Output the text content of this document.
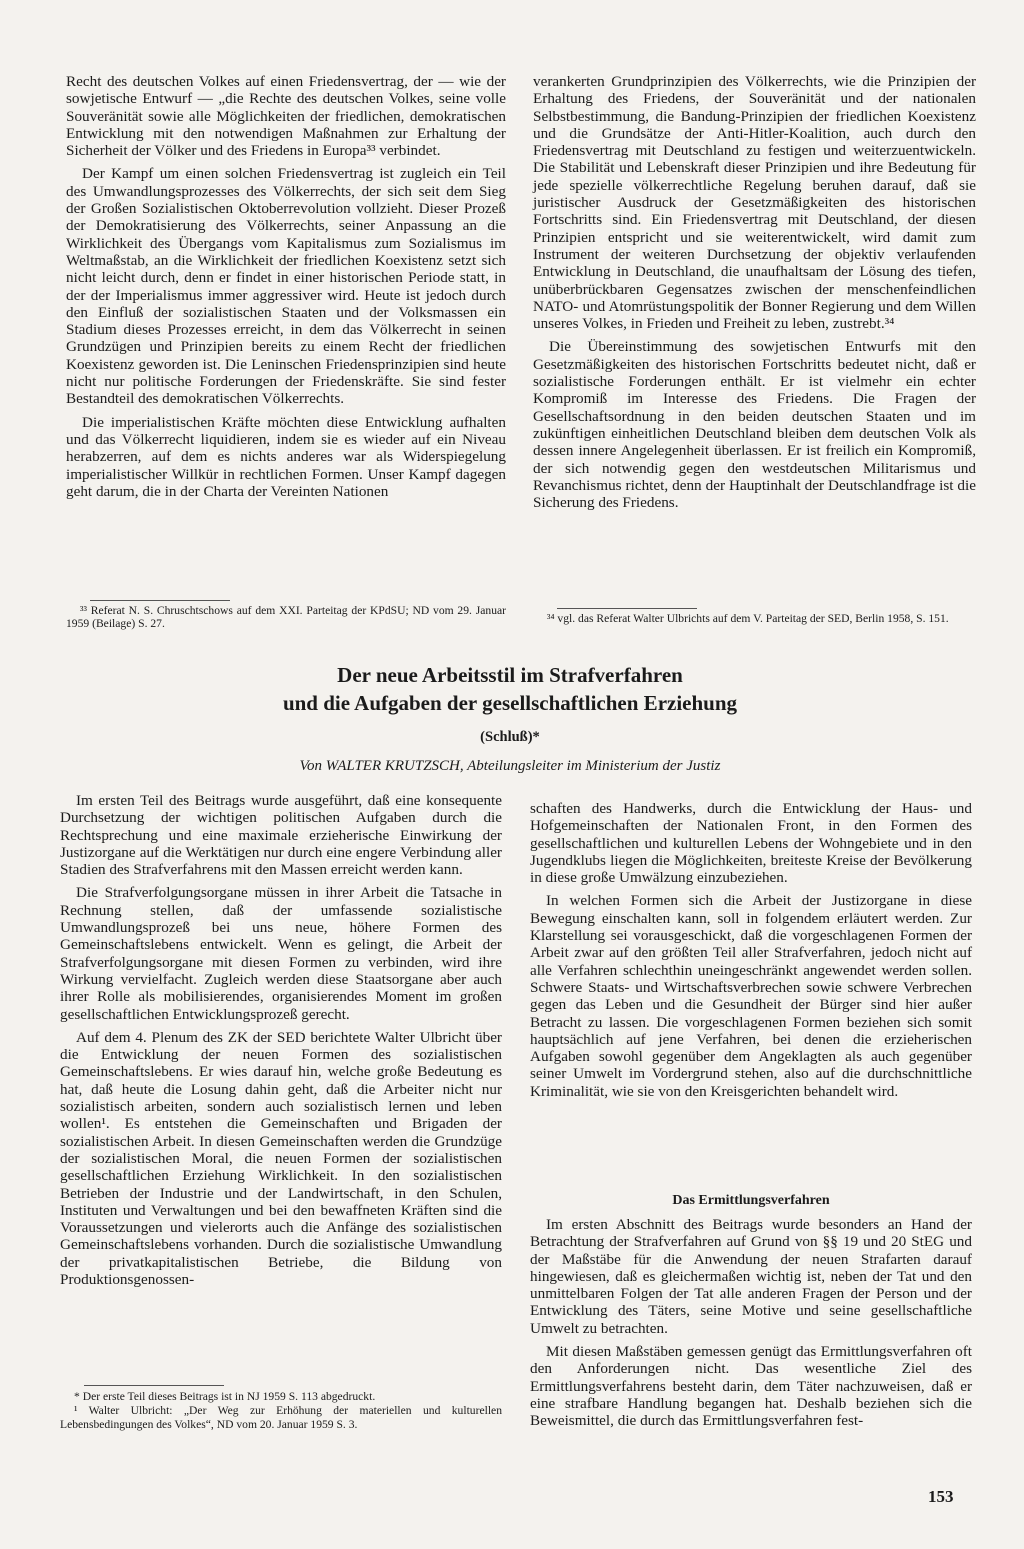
Recht des deutschen Volkes auf einen Friedensvertrag, der — wie der sowjetische Entwurf — „die Rechte des deutschen Volkes, seine volle Souveränität sowie alle Möglichkeiten der friedlichen, demokratischen Entwicklung mit den notwendigen Maßnahmen zur Erhaltung der Sicherheit der Völker und des Friedens in Europa³³ verbindet.

Der Kampf um einen solchen Friedensvertrag ist zugleich ein Teil des Umwandlungsprozesses des Völkerrechts, der sich seit dem Sieg der Großen Sozialistischen Oktoberrevolution vollzieht. Dieser Prozeß der Demokratisierung des Völkerrechts, seiner Anpassung an die Wirklichkeit des Übergangs vom Kapitalismus zum Sozialismus im Weltmaßstab, an die Wirklichkeit der friedlichen Koexistenz setzt sich nicht leicht durch, denn er findet in einer historischen Periode statt, in der der Imperialismus immer aggressiver wird. Heute ist jedoch durch den Einfluß der sozialistischen Staaten und der Volksmassen ein Stadium dieses Prozesses erreicht, in dem das Völkerrecht in seinen Grundzügen und Prinzipien bereits zu einem Recht der friedlichen Koexistenz geworden ist. Die Leninschen Friedensprinzipien sind heute nicht nur politische Forderungen der Friedenskräfte. Sie sind fester Bestandteil des demokratischen Völkerrechts.

Die imperialistischen Kräfte möchten diese Entwicklung aufhalten und das Völkerrecht liquidieren, indem sie es wieder auf ein Niveau herabzerren, auf dem es nichts anderes war als Widerspiegelung imperialistischer Willkür in rechtlichen Formen. Unser Kampf dagegen geht darum, die in der Charta der Vereinten Nationen

verankerten Grundprinzipien des Völkerrechts, wie die Prinzipien der Erhaltung des Friedens, der Souveränität und der nationalen Selbstbestimmung, die Bandung-Prinzipien der friedlichen Koexistenz und die Grundsätze der Anti-Hitler-Koalition, auch durch den Friedensvertrag mit Deutschland zu festigen und weiterzuentwickeln. Die Stabilität und Lebenskraft dieser Prinzipien und ihre Bedeutung für jede spezielle völkerrechtliche Regelung beruhen darauf, daß sie juristischer Ausdruck der Gesetzmäßigkeiten des historischen Fortschritts sind. Ein Friedensvertrag mit Deutschland, der diesen Prinzipien entspricht und sie weiterentwickelt, wird damit zum Instrument der weiteren Durchsetzung der objektiv verlaufenden Entwicklung in Deutschland, die unaufhaltsam der Lösung des tiefen, unüberbrückbaren Gegensatzes zwischen der menschenfeindlichen NATO- und Atomrüstungspolitik der Bonner Regierung und dem Willen unseres Volkes, in Frieden und Freiheit zu leben, zustrebt.³⁴

Die Übereinstimmung des sowjetischen Entwurfs mit den Gesetzmäßigkeiten des historischen Fortschritts bedeutet nicht, daß er sozialistische Forderungen enthält. Er ist vielmehr ein echter Kompromiß im Interesse des Friedens. Die Fragen der Gesellschaftsordnung in den beiden deutschen Staaten und im zukünftigen einheitlichen Deutschland bleiben dem deutschen Volk als dessen innere Angelegenheit überlassen. Er ist freilich ein Kompromiß, der sich notwendig gegen den westdeutschen Militarismus und Revanchismus richtet, denn der Hauptinhalt der Deutschlandfrage ist die Sicherung des Friedens.

³³ Referat N. S. Chruschtschows auf dem XXI. Parteitag der KPdSU; ND vom 29. Januar 1959 (Beilage) S. 27.	³⁴ vgl. das Referat Walter Ulbrichts auf dem V. Parteitag der SED, Berlin 1958, S. 151.

Der neue Arbeitsstil im Strafverfahren
und die Aufgaben der gesellschaftlichen Erziehung
(Schluß)*
Von WALTER KRUTZSCH, Abteilungsleiter im Ministerium der Justiz

Im ersten Teil des Beitrags wurde ausgeführt, daß eine konsequente Durchsetzung der wichtigen politischen Aufgaben durch die Rechtsprechung und eine maximale erzieherische Einwirkung der Justizorgane auf die Werktätigen nur durch eine engere Verbindung aller Stadien des Strafverfahrens mit den Massen erreicht werden kann.

Die Strafverfolgungsorgane müssen in ihrer Arbeit die Tatsache in Rechnung stellen, daß der umfassende sozialistische Umwandlungsprozeß bei uns neue, höhere Formen des Gemeinschaftslebens entwickelt. Wenn es gelingt, die Arbeit der Strafverfolgungsorgane mit diesen Formen zu verbinden, wird ihre Wirkung vervielfacht. Zugleich werden diese Staatsorgane aber auch ihrer Rolle als mobilisierendes, organisierendes Moment im großen gesellschaftlichen Entwicklungsprozeß gerecht.

Auf dem 4. Plenum des ZK der SED berichtete Walter Ulbricht über die Entwicklung der neuen Formen des sozialistischen Gemeinschaftslebens. Er wies darauf hin, welche große Bedeutung es hat, daß heute die Losung dahin geht, daß die Arbeiter nicht nur sozialistisch arbeiten, sondern auch sozialistisch lernen und leben wollen¹. Es entstehen die Gemeinschaften und Brigaden der sozialistischen Arbeit. In diesen Gemeinschaften werden die Grundzüge der sozialistischen Moral, die neuen Formen der sozialistischen gesellschaftlichen Erziehung Wirklichkeit. In den sozialistischen Betrieben der Industrie und der Landwirtschaft, in den Schulen, Instituten und Verwaltungen und bei den bewaffneten Kräften sind die Voraussetzungen und vielerorts auch die Anfänge des sozialistischen Gemeinschaftslebens vorhanden. Durch die sozialistische Umwandlung der privatkapitalistischen Betriebe, die Bildung von Produktionsgenossen-

schaften des Handwerks, durch die Entwicklung der Haus- und Hofgemeinschaften der Nationalen Front, in den Formen des gesellschaftlichen und kulturellen Lebens der Wohngebiete und in den Jugendklubs liegen die Möglichkeiten, breiteste Kreise der Bevölkerung in diese große Umwälzung einzubeziehen.

In welchen Formen sich die Arbeit der Justizorgane in diese Bewegung einschalten kann, soll in folgendem erläutert werden. Zur Klarstellung sei vorausgeschickt, daß die vorgeschlagenen Formen der Arbeit zwar auf den größten Teil aller Strafverfahren, jedoch nicht auf alle Verfahren schlechthin uneingeschränkt angewendet werden sollen. Schwere Staats- und Wirtschaftsverbrechen sowie schwere Verbrechen gegen das Leben und die Gesundheit der Bürger sind hier außer Betracht zu lassen. Die vorgeschlagenen Formen beziehen sich somit hauptsächlich auf jene Verfahren, bei denen die erzieherischen Aufgaben sowohl gegenüber dem Angeklagten als auch gegenüber seiner Umwelt im Vordergrund stehen, also auf die durchschnittliche Kriminalität, wie sie von den Kreisgerichten behandelt wird.

Das Ermittlungsverfahren

Im ersten Abschnitt des Beitrags wurde besonders an Hand der Betrachtung der Strafverfahren auf Grund von §§ 19 und 20 StEG und der Maßstäbe für die Anwendung der neuen Strafarten darauf hingewiesen, daß es gleichermaßen wichtig ist, neben der Tat und den unmittelbaren Folgen der Tat alle anderen Fragen der Person und der Entwicklung des Täters, seine Motive und seine gesellschaftliche Umwelt zu betrachten.

Mit diesen Maßstäben gemessen genügt das Ermittlungsverfahren oft den Anforderungen nicht. Das wesentliche Ziel des Ermittlungsverfahrens besteht darin, dem Täter nachzuweisen, daß er eine strafbare Handlung begangen hat. Deshalb beziehen sich die Beweismittel, die durch das Ermittlungsverfahren fest-

* Der erste Teil dieses Beitrags ist in NJ 1959 S. 113 abgedruckt.

¹ Walter Ulbricht: „Der Weg zur Erhöhung der materiellen und kulturellen Lebensbedingungen des Volkes“, ND vom 20. Januar 1959 S. 3.

153
